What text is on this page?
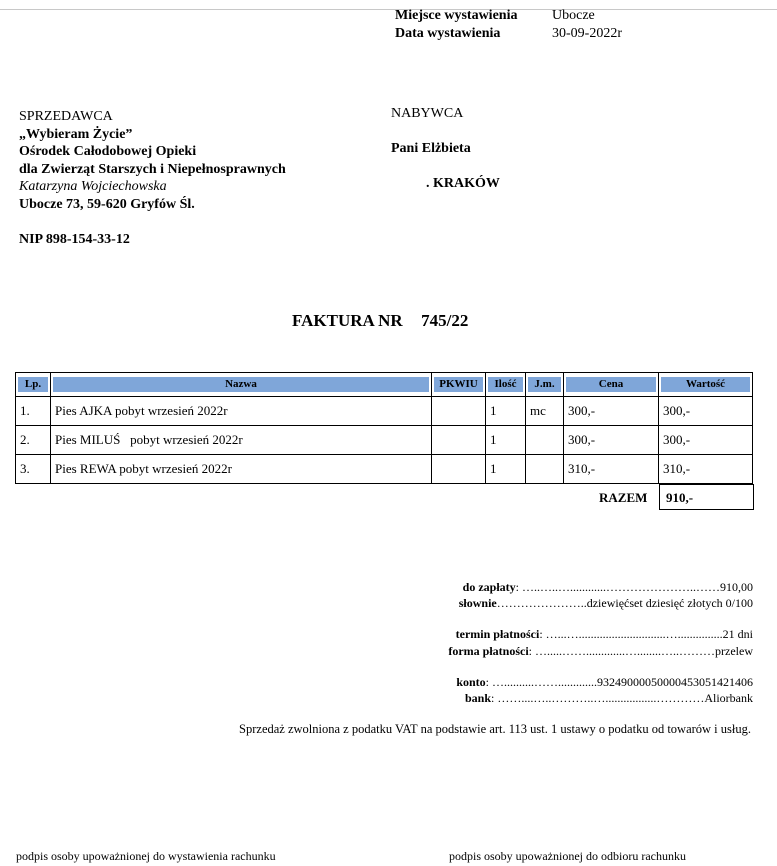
Miejsce wystawienia Ubocze
Data wystawienia	30-09-2022r
SPRZEDAWCA
„Wybieram Życie”
Ośrodek Całodobowej Opieki
dla Zwierząt Starszych i Niepełnosprawnych
Katarzyna Wojciechowska
Ubocze 73, 59-620 Gryfów Śl.
NIP 898-154-33-12
NABYWCA
Pani Elżbieta
. KRAKÓW
FAKTURA NR 745/22
Lp.	Nazwa	PKWIU	Ilość	J.m.	Cena	Wartość

1.	Pies AJKA pobyt wrzesień 2022r		1	mc	300,-	300,-
2.	Pies MILUŚ   pobyt wrzesień 2022r		1		300,-	300,-
3.	Pies REWA pobyt wrzesień 2022r		1		310,-	310,-
RAZEM	910,-
do zapłaty: …..…..…............…………………..……910,00
słownie…………………..dziewięćset dziesięć złotych 0/100
termin płatności: …...….............................…...............21 dni
forma płatności: ….....…….............…........…..………przelew
konto: …..........…….............93249000050000453051421406
bank: ……....…..………..….................…………Aliorbank
Sprzedaż zwolniona z podatku VAT na podstawie art. 113 ust. 1 ustawy o podatku od towarów i usług.
podpis osoby upoważnionej do wystawienia rachunku	podpis osoby upoważnionej do odbioru rachunku
